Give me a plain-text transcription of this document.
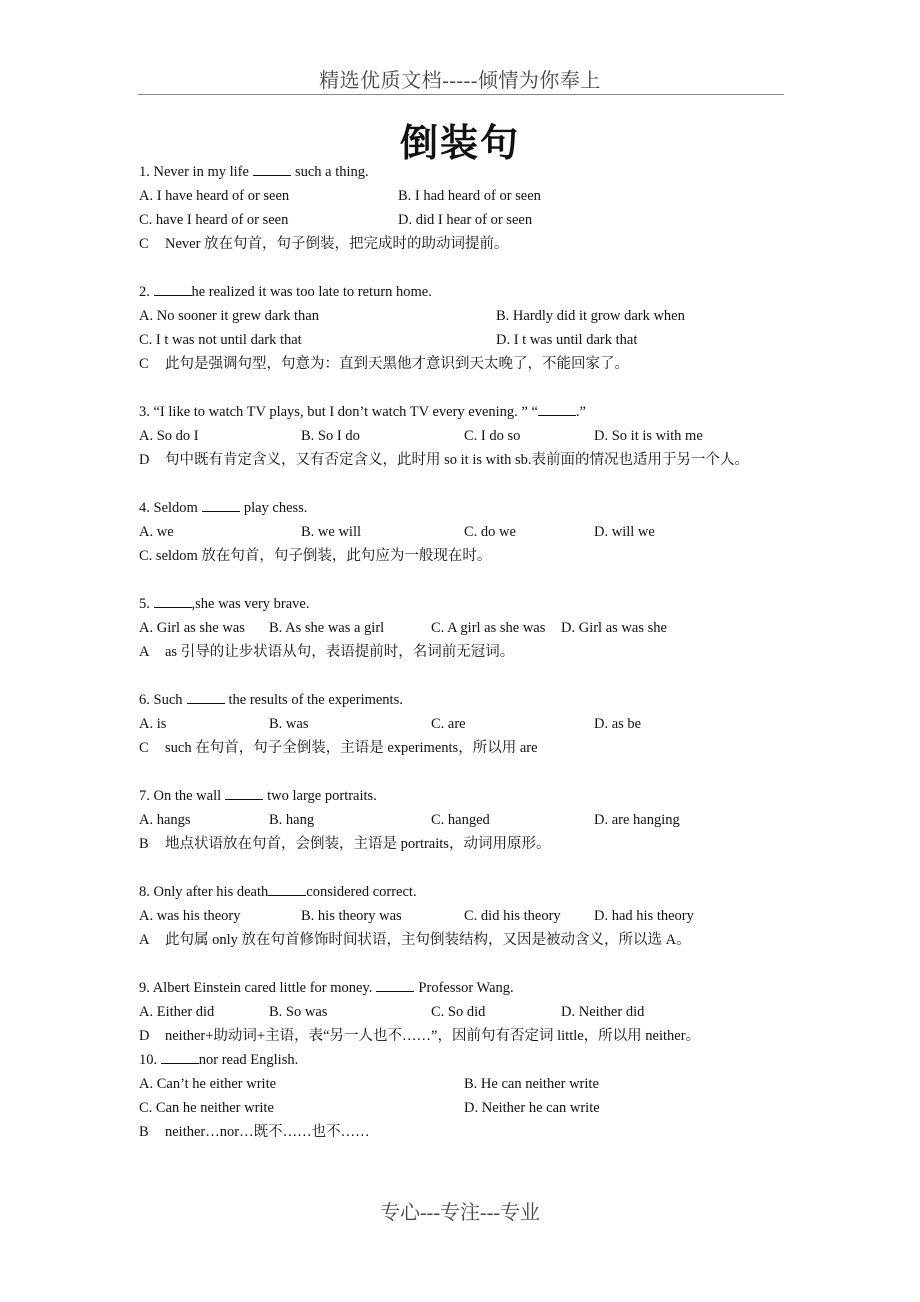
精选优质文档-----倾情为你奉上
倒装句
1. Never in my life	such a thing.
A. I have heard of or seen	B. I had heard of or seen
C. have I heard of or seen	D. did I hear of or seen
C Never 放在句首，句子倒装，把完成时的助动词提前。
2.	he realized it was too late to return home.
A. No sooner it grew dark than	B. Hardly did it grow dark when
C. I t was not until dark that	D. I t was until dark that
C 此句是强调句型，句意为：直到天黑他才意识到天太晚了，不能回家了。
3. “I like to watch TV plays, but I don’t watch TV every evening. ” “	.”
A. So do I	B. So I do	C. I do so	D. So it is with me
D 句中既有肯定含义，又有否定含义，此时用 so it is with sb.表前面的情况也适用于另一个人。
4. Seldom	play chess.
A. we	B. we will	C. do we	D. will we
C. seldom 放在句首，句子倒装，此句应为一般现在时。
5.	,she was very brave.
A. Girl as she was B. As she was a girl	C. A girl as she was D. Girl as was she
A as 引导的让步状语从句，表语提前时，名词前无冠词。
6. Such	the results of the experiments.
A. is	B. was	C. are	D. as be
C such 在句首，句子全倒装，主语是 experiments，所以用 are
7. On the wall	two large portraits.
A. hangs	B. hang	C. hanged	D. are hanging
B 地点状语放在句首，会倒装，主语是 portraits，动词用原形。
8. Only after his death	considered correct.
A. was his theory	B. his theory was	C. did his theory D. had his theory
A 此句属 only 放在句首修饰时间状语，主句倒装结构，又因是被动含义，所以选 A。
9. Albert Einstein cared little for money.	Professor Wang.
A. Either did	B. So was	C. So did	D. Neither did
D neither+助动词+主语，表“另一人也不……”，因前句有否定词 little，所以用 neither。
10.	nor read English.
A. Can’t he either write	B. He can neither write
C. Can he neither write	D. Neither he can write
B neither…nor…既不……也不……
专心---专注---专业
